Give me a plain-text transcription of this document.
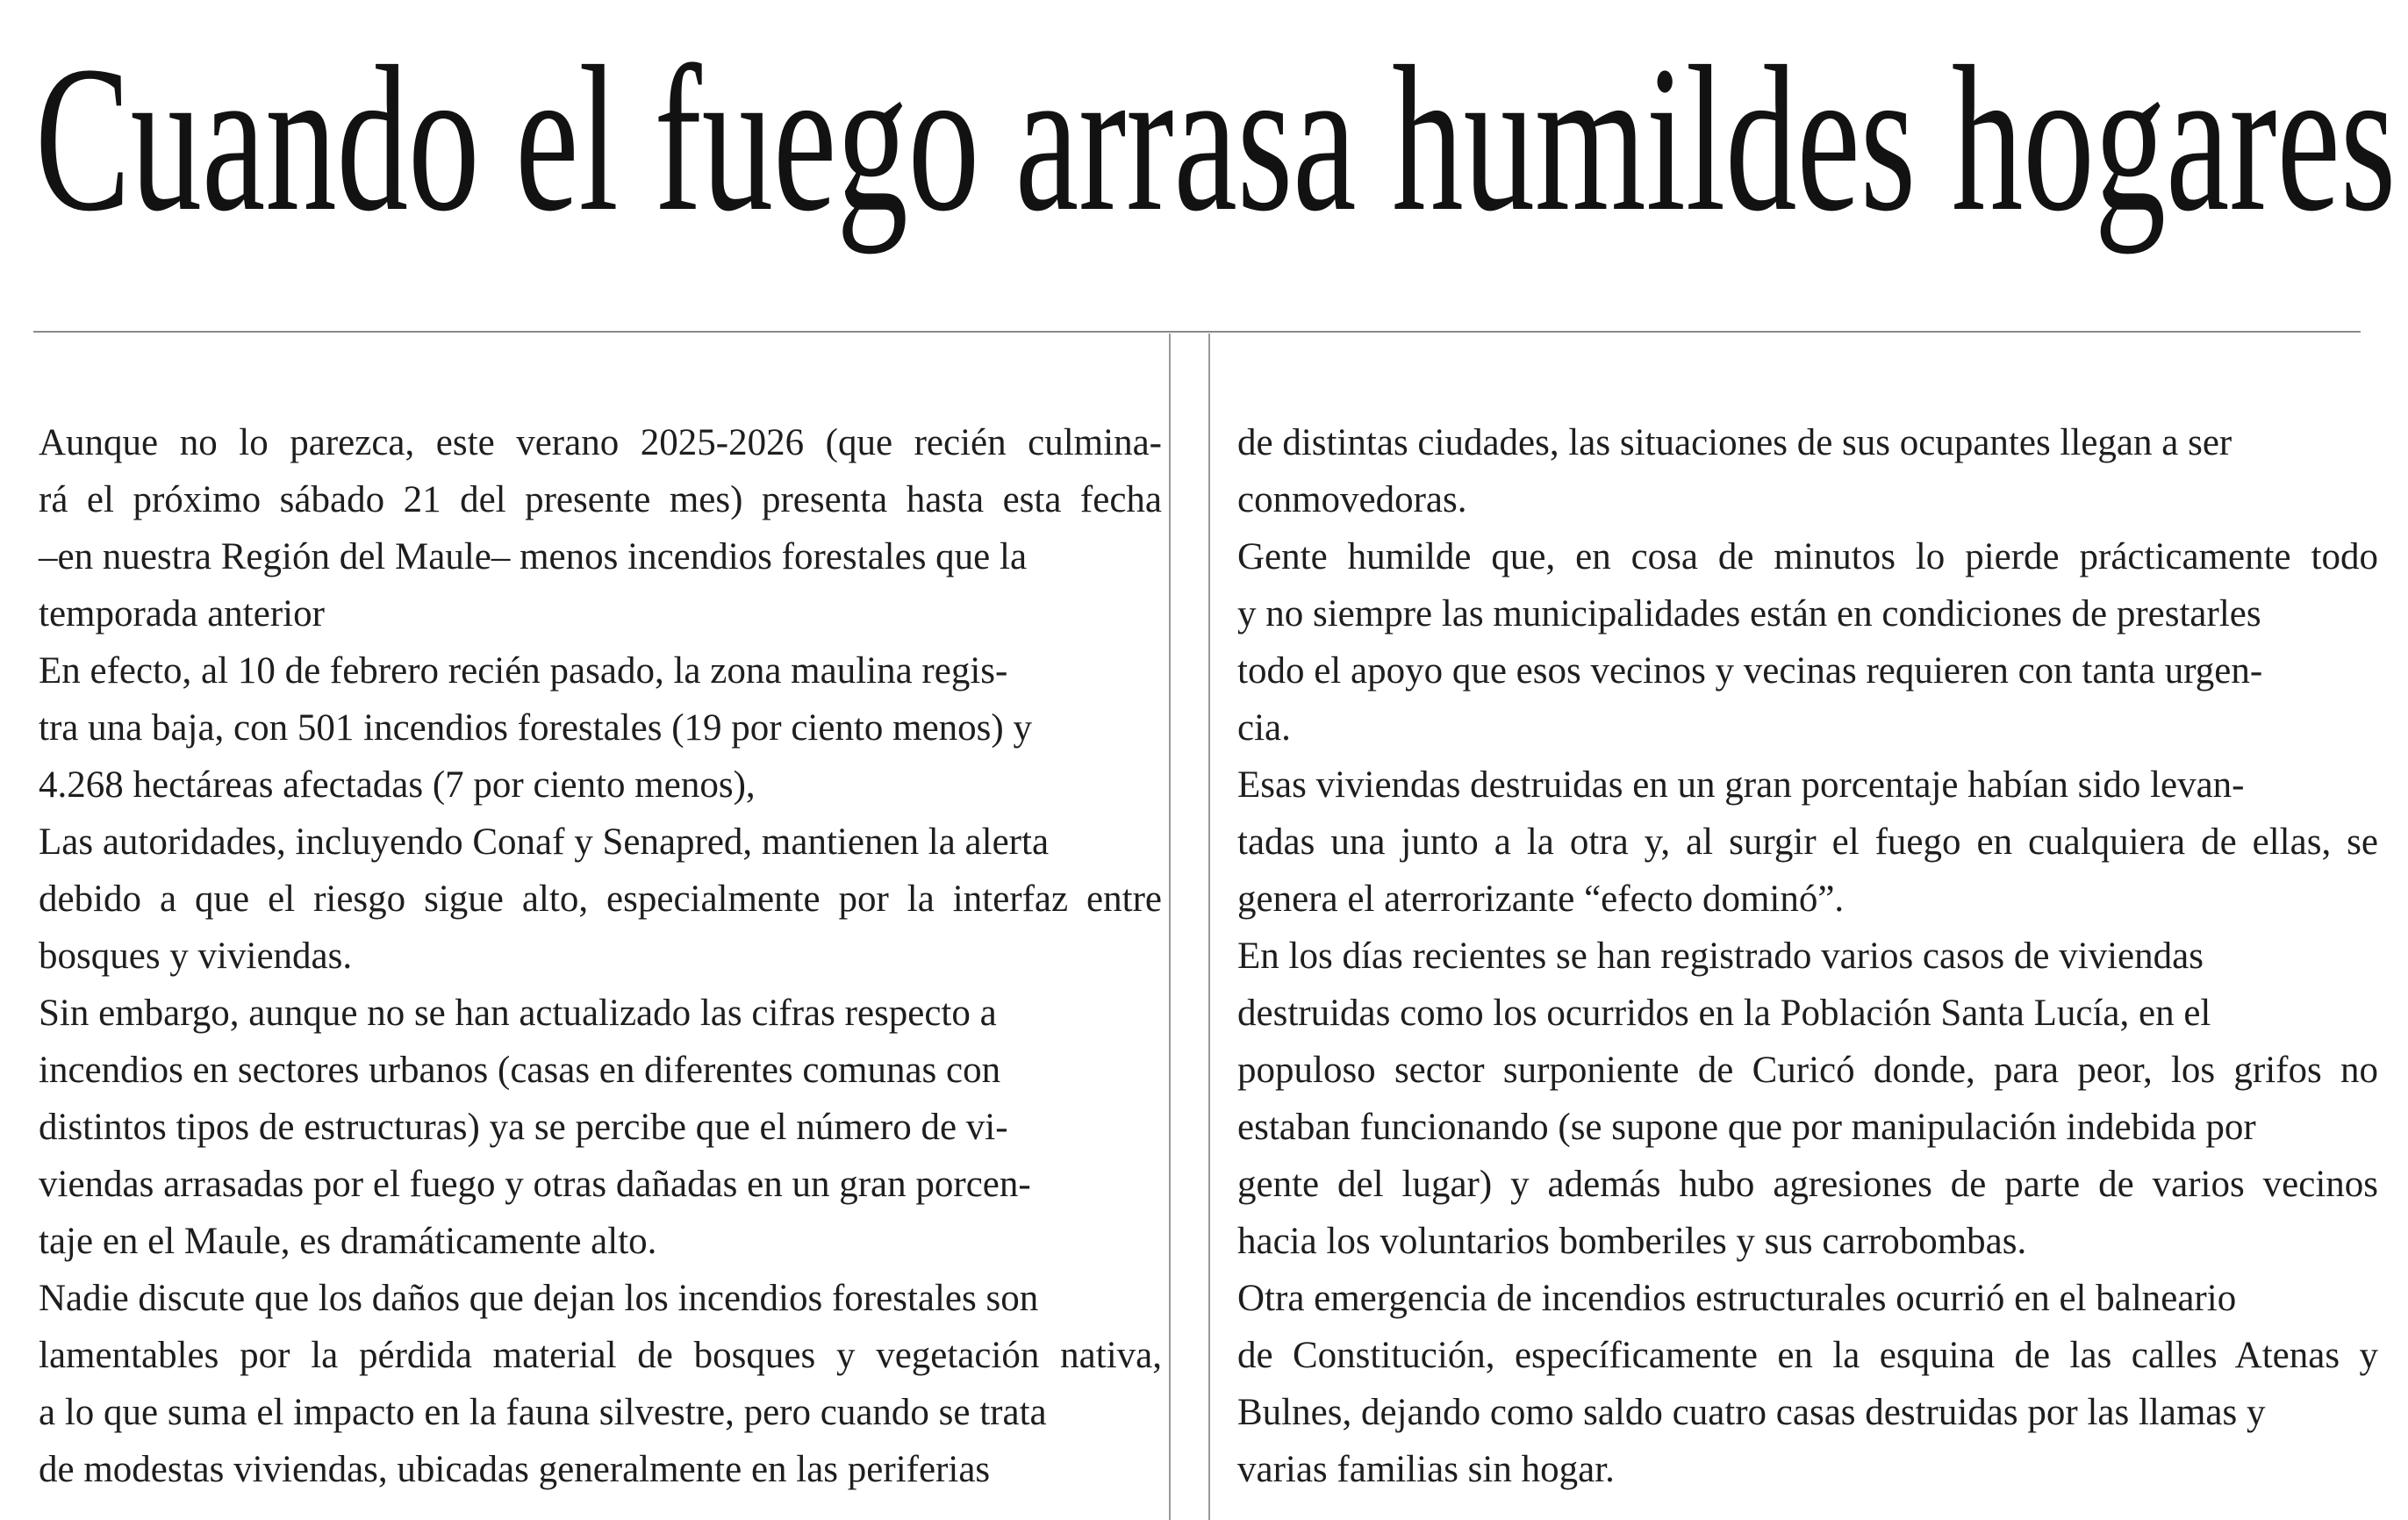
Cuando el fuego arrasa humildes hogares
Aunque no lo parezca, este verano 2025-2026 (que recién culmina-
rá el próximo sábado 21 del presente mes) presenta hasta esta fecha
–en nuestra Región del Maule– menos incendios forestales que la
temporada anterior
En efecto, al 10 de febrero recién pasado, la zona maulina regis-
tra una baja, con 501 incendios forestales (19 por ciento menos) y
4.268 hectáreas afectadas (7 por ciento menos),
Las autoridades, incluyendo Conaf y Senapred, mantienen la alerta
debido a que el riesgo sigue alto, especialmente por la interfaz entre
bosques y viviendas.
Sin embargo, aunque no se han actualizado las cifras respecto a
incendios en sectores urbanos (casas en diferentes comunas con
distintos tipos de estructuras) ya se percibe que el número de vi-
viendas arrasadas por el fuego y otras dañadas en un gran porcen-
taje en el Maule, es dramáticamente alto.
Nadie discute que los daños que dejan los incendios forestales son
lamentables por la pérdida material de bosques y vegetación nativa,
a lo que suma el impacto en la fauna silvestre, pero cuando se trata
de modestas viviendas, ubicadas generalmente en las periferias
de distintas ciudades, las situaciones de sus ocupantes llegan a ser
conmovedoras.
Gente humilde que, en cosa de minutos lo pierde prácticamente todo
y no siempre las municipalidades están en condiciones de prestarles
todo el apoyo que esos vecinos y vecinas requieren con tanta urgen-
cia.
Esas viviendas destruidas en un gran porcentaje habían sido levan-
tadas una junto a la otra y, al surgir el fuego en cualquiera de ellas, se
genera el aterrorizante “efecto dominó”.
En los días recientes se han registrado varios casos de viviendas
destruidas como los ocurridos en la Población Santa Lucía, en el
populoso sector surponiente de Curicó donde, para peor, los grifos no
estaban funcionando (se supone que por manipulación indebida por
gente del lugar) y además hubo agresiones de parte de varios vecinos
hacia los voluntarios bomberiles y sus carrobombas.
Otra emergencia de incendios estructurales ocurrió en el balneario
de Constitución, específicamente en la esquina de las calles Atenas y
Bulnes, dejando como saldo cuatro casas destruidas por las llamas y
varias familias sin hogar.
